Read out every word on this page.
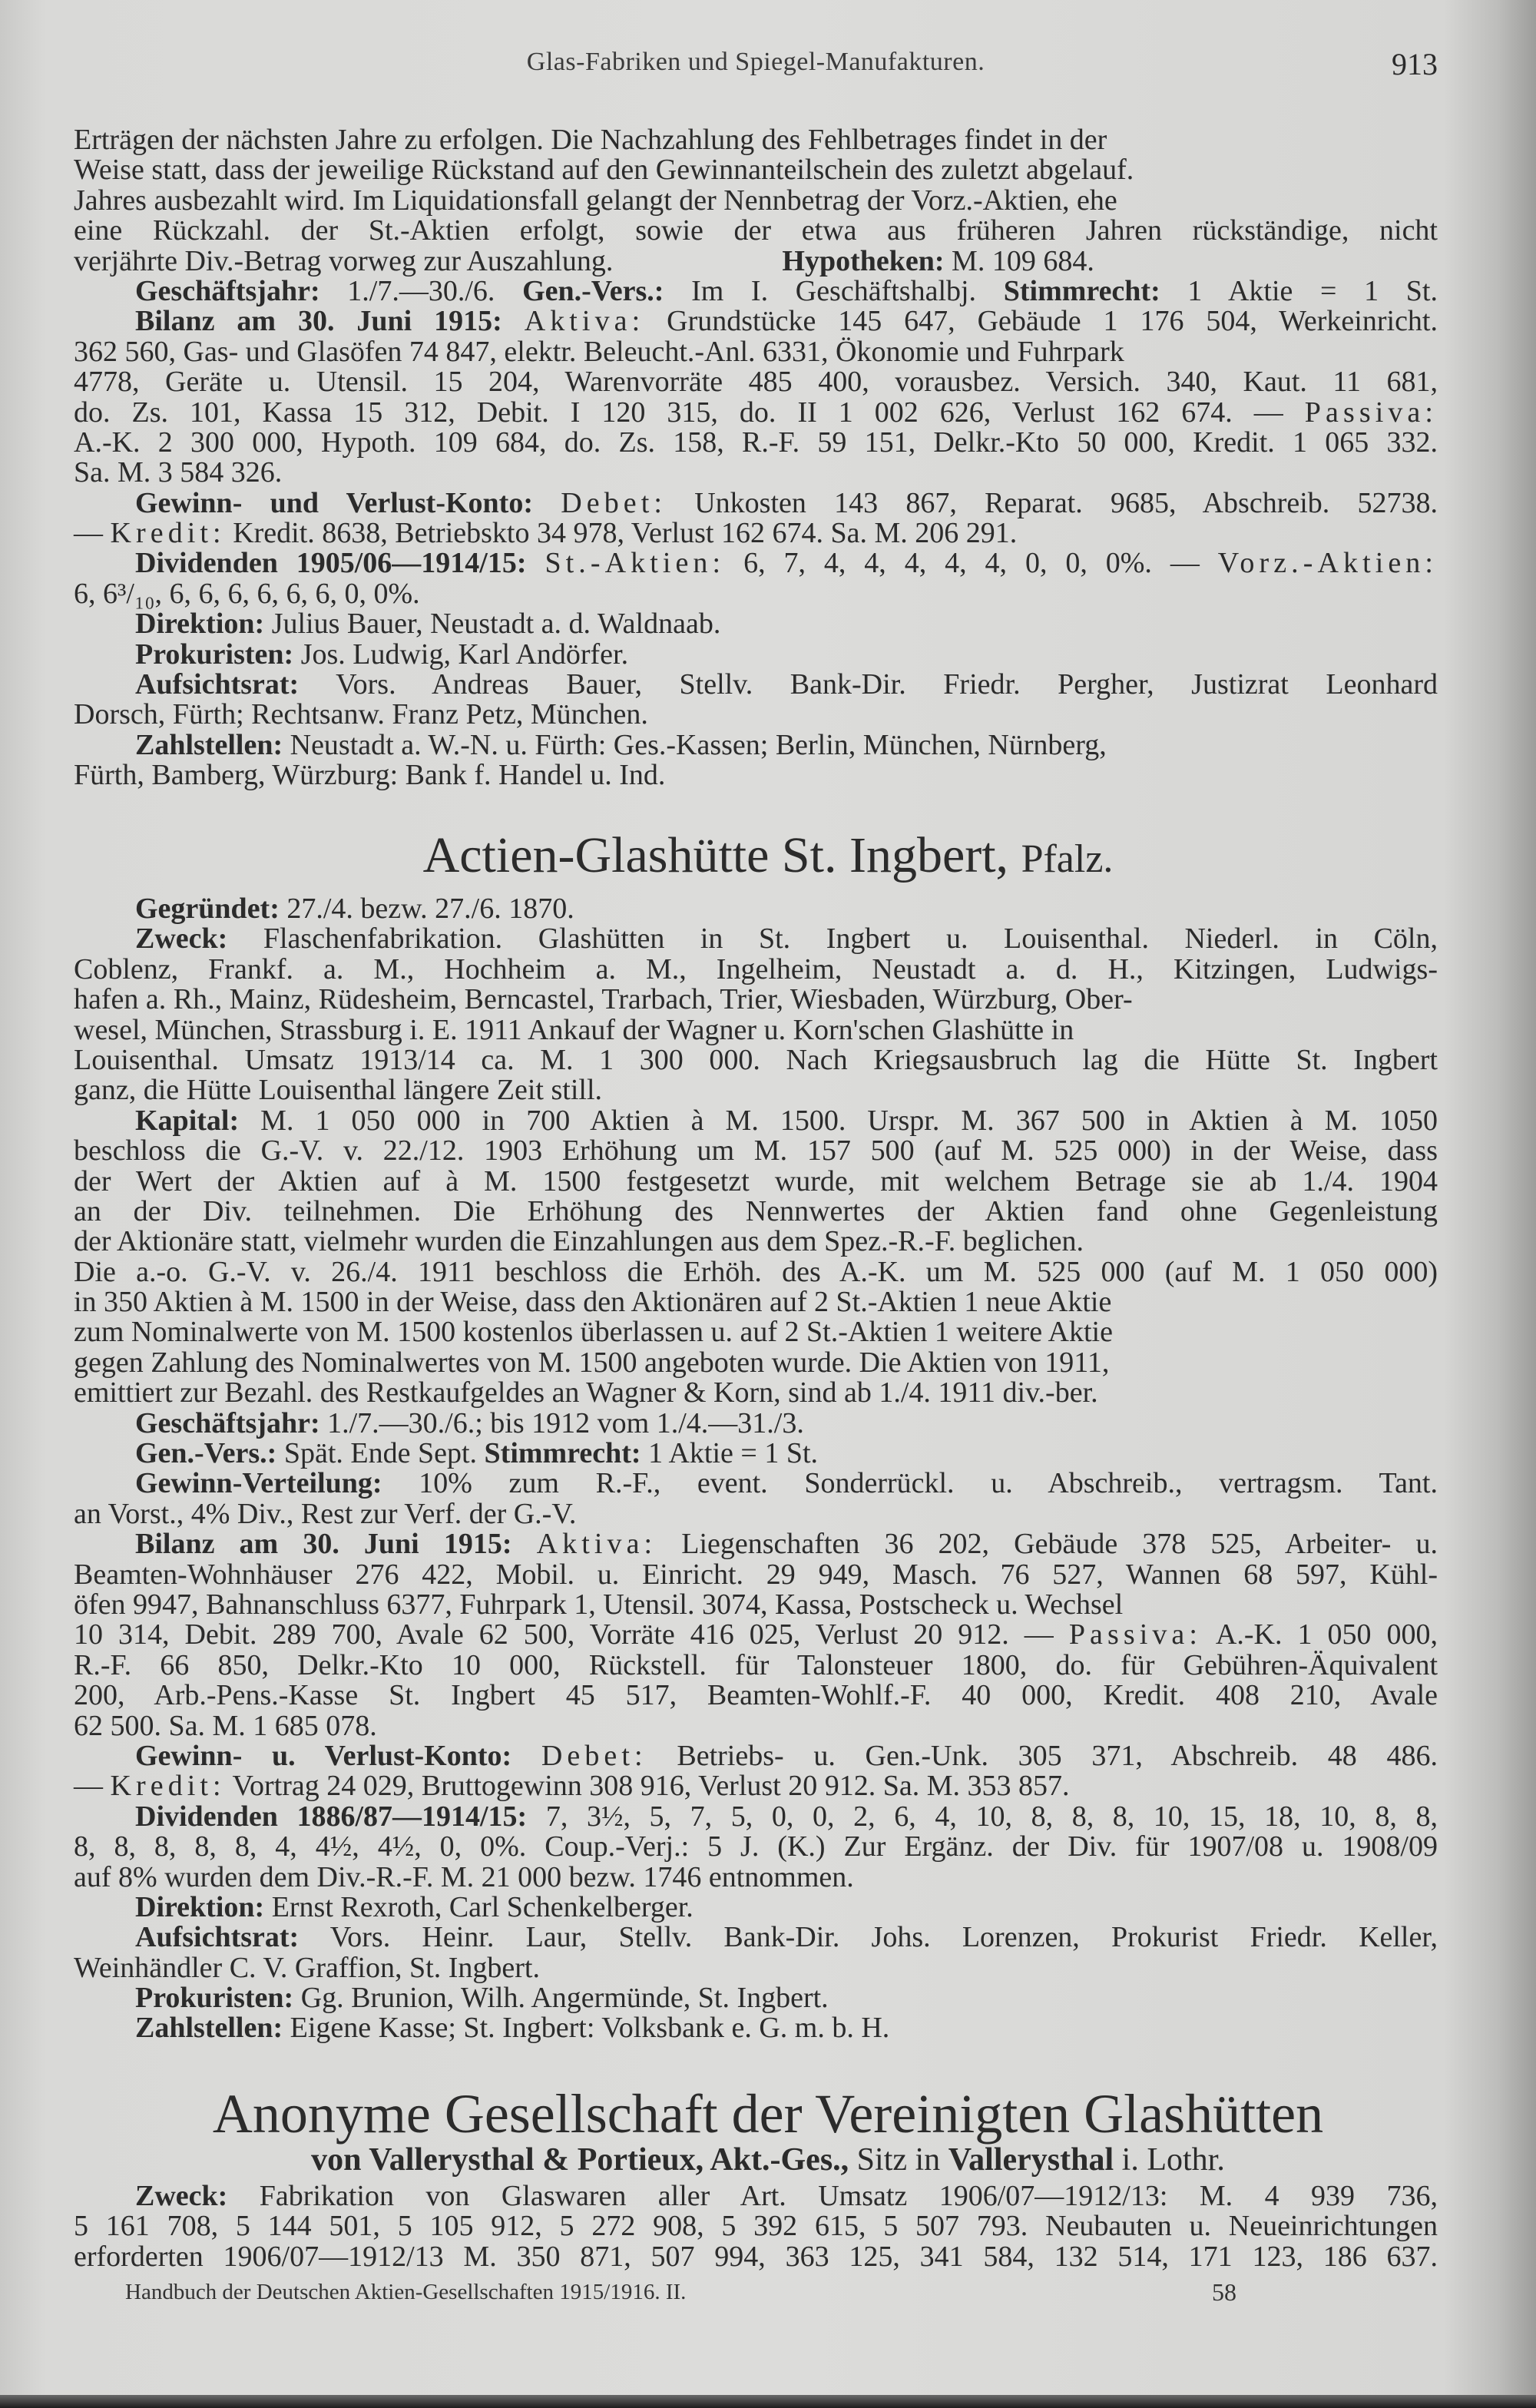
Glas-Fabriken und Spiegel-Manufakturen.	913
Erträgen der nächsten Jahre zu erfolgen. Die Nachzahlung des Fehlbetrages findet in der
Weise statt, dass der jeweilige Rückstand auf den Gewinnanteilschein des zuletzt abgelauf.
Jahres ausbezahlt wird. Im Liquidationsfall gelangt der Nennbetrag der Vorz.-Aktien, ehe
eine Rückzahl. der St.-Aktien erfolgt, sowie der etwa aus früheren Jahren rückständige, nicht
verjährte Div.-Betrag vorweg zur Auszahlung.	Hypotheken: M. 109 684.
Geschäftsjahr: 1./7.—30./6. Gen.-Vers.: Im I. Geschäftshalbj. Stimmrecht: 1 Aktie = 1 St.
Bilanz am 30. Juni 1915: Aktiva: Grundstücke 145 647, Gebäude 1 176 504, Werkeinricht.
362 560, Gas- und Glasöfen 74 847, elektr. Beleucht.-Anl. 6331, Ökonomie und Fuhrpark
4778, Geräte u. Utensil. 15 204, Warenvorräte 485 400, vorausbez. Versich. 340, Kaut. 11 681,
do. Zs. 101, Kassa 15 312, Debit. I 120 315, do. II 1 002 626, Verlust 162 674. — Passiva:
A.-K. 2 300 000, Hypoth. 109 684, do. Zs. 158, R.-F. 59 151, Delkr.-Kto 50 000, Kredit. 1 065 332.
Sa. M. 3 584 326.
Gewinn- und Verlust-Konto: Debet: Unkosten 143 867, Reparat. 9685, Abschreib. 52738.
— Kredit: Kredit. 8638, Betriebskto 34 978, Verlust 162 674. Sa. M. 206 291.
Dividenden 1905/06—1914/15: St.-Aktien: 6, 7, 4, 4, 4, 4, 4, 0, 0, 0%. — Vorz.-Aktien:
6, 6³/₁₀, 6, 6, 6, 6, 6, 6, 0, 0%.
Direktion: Julius Bauer, Neustadt a. d. Waldnaab.
Prokuristen: Jos. Ludwig, Karl Andörfer.
Aufsichtsrat: Vors. Andreas Bauer, Stellv. Bank-Dir. Friedr. Pergher, Justizrat Leonhard
Dorsch, Fürth; Rechtsanw. Franz Petz, München.
Zahlstellen: Neustadt a. W.-N. u. Fürth: Ges.-Kassen; Berlin, München, Nürnberg,
Fürth, Bamberg, Würzburg: Bank f. Handel u. Ind.
Actien-Glashütte St. Ingbert, Pfalz.
Gegründet: 27./4. bezw. 27./6. 1870.
Zweck: Flaschenfabrikation. Glashütten in St. Ingbert u. Louisenthal. Niederl. in Cöln,
Coblenz, Frankf. a. M., Hochheim a. M., Ingelheim, Neustadt a. d. H., Kitzingen, Ludwigs-
hafen a. Rh., Mainz, Rüdesheim, Berncastel, Trarbach, Trier, Wiesbaden, Würzburg, Ober-
wesel, München, Strassburg i. E. 1911 Ankauf der Wagner u. Korn'schen Glashütte in
Louisenthal. Umsatz 1913/14 ca. M. 1 300 000. Nach Kriegsausbruch lag die Hütte St. Ingbert
ganz, die Hütte Louisenthal längere Zeit still.
Kapital: M. 1 050 000 in 700 Aktien à M. 1500. Urspr. M. 367 500 in Aktien à M. 1050
beschloss die G.-V. v. 22./12. 1903 Erhöhung um M. 157 500 (auf M. 525 000) in der Weise, dass
der Wert der Aktien auf à M. 1500 festgesetzt wurde, mit welchem Betrage sie ab 1./4. 1904
an der Div. teilnehmen. Die Erhöhung des Nennwertes der Aktien fand ohne Gegenleistung
der Aktionäre statt, vielmehr wurden die Einzahlungen aus dem Spez.-R.-F. beglichen.
Die a.-o. G.-V. v. 26./4. 1911 beschloss die Erhöh. des A.-K. um M. 525 000 (auf M. 1 050 000)
in 350 Aktien à M. 1500 in der Weise, dass den Aktionären auf 2 St.-Aktien 1 neue Aktie
zum Nominalwerte von M. 1500 kostenlos überlassen u. auf 2 St.-Aktien 1 weitere Aktie
gegen Zahlung des Nominalwertes von M. 1500 angeboten wurde. Die Aktien von 1911,
emittiert zur Bezahl. des Restkaufgeldes an Wagner & Korn, sind ab 1./4. 1911 div.-ber.
Geschäftsjahr: 1./7.—30./6.; bis 1912 vom 1./4.—31./3.
Gen.-Vers.: Spät. Ende Sept. Stimmrecht: 1 Aktie = 1 St.
Gewinn-Verteilung: 10% zum R.-F., event. Sonderrückl. u. Abschreib., vertragsm. Tant.
an Vorst., 4% Div., Rest zur Verf. der G.-V.
Bilanz am 30. Juni 1915: Aktiva: Liegenschaften 36 202, Gebäude 378 525, Arbeiter- u.
Beamten-Wohnhäuser 276 422, Mobil. u. Einricht. 29 949, Masch. 76 527, Wannen 68 597, Kühl-
öfen 9947, Bahnanschluss 6377, Fuhrpark 1, Utensil. 3074, Kassa, Postscheck u. Wechsel
10 314, Debit. 289 700, Avale 62 500, Vorräte 416 025, Verlust 20 912. — Passiva: A.-K. 1 050 000,
R.-F. 66 850, Delkr.-Kto 10 000, Rückstell. für Talonsteuer 1800, do. für Gebühren-Äquivalent
200, Arb.-Pens.-Kasse St. Ingbert 45 517, Beamten-Wohlf.-F. 40 000, Kredit. 408 210, Avale
62 500. Sa. M. 1 685 078.
Gewinn- u. Verlust-Konto: Debet: Betriebs- u. Gen.-Unk. 305 371, Abschreib. 48 486.
— Kredit: Vortrag 24 029, Bruttogewinn 308 916, Verlust 20 912. Sa. M. 353 857.
Dividenden 1886/87—1914/15: 7, 3½, 5, 7, 5, 0, 0, 2, 6, 4, 10, 8, 8, 8, 10, 15, 18, 10, 8, 8,
8, 8, 8, 8, 8, 4, 4½, 4½, 0, 0%. Coup.-Verj.: 5 J. (K.) Zur Ergänz. der Div. für 1907/08 u. 1908/09
auf 8% wurden dem Div.-R.-F. M. 21 000 bezw. 1746 entnommen.
Direktion: Ernst Rexroth, Carl Schenkelberger.
Aufsichtsrat: Vors. Heinr. Laur, Stellv. Bank-Dir. Johs. Lorenzen, Prokurist Friedr. Keller,
Weinhändler C. V. Graffion, St. Ingbert.
Prokuristen: Gg. Brunion, Wilh. Angermünde, St. Ingbert.
Zahlstellen: Eigene Kasse; St. Ingbert: Volksbank e. G. m. b. H.
Anonyme Gesellschaft der Vereinigten Glashütten
von Vallerysthal & Portieux, Akt.-Ges., Sitz in Vallerysthal i. Lothr.
Zweck: Fabrikation von Glaswaren aller Art. Umsatz 1906/07—1912/13: M. 4 939 736,
5 161 708, 5 144 501, 5 105 912, 5 272 908, 5 392 615, 5 507 793. Neubauten u. Neueinrichtungen
erforderten 1906/07—1912/13 M. 350 871, 507 994, 363 125, 341 584, 132 514, 171 123, 186 637.
Handbuch der Deutschen Aktien-Gesellschaften 1915/1916. II.	58
